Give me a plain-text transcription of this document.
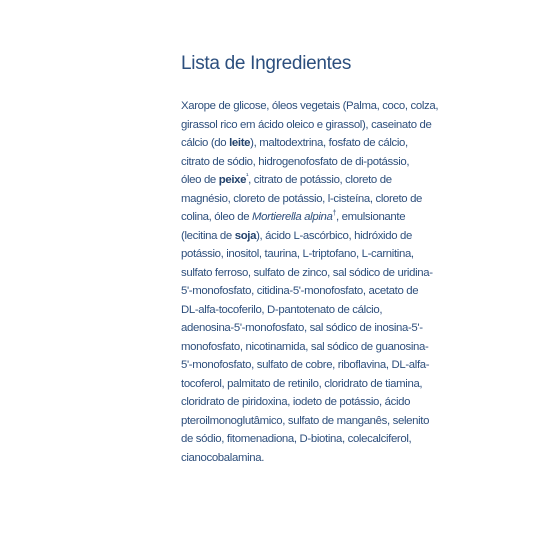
Lista de Ingredientes
Xarope de glicose, óleos vegetais (Palma, coco, colza,
girassol rico em ácido oleico e girassol), caseinato de
cálcio (do leite), maltodextrina, fosfato de cálcio,
citrato de sódio, hidrogenofosfato de di-potássio,
óleo de peixe$^{^1}$, citrato de potássio, cloreto de
magnésio, cloreto de potássio, l-cisteína, cloreto de
colina, óleo de Mortierella alpina†, emulsionante
(lecitina de soja), ácido L-ascórbico, hidróxido de
potássio, inositol, taurina, L-triptofano, L-carnitina,
sulfato ferroso, sulfato de zinco, sal sódico de uridina-
5'-monofosfato, citidina-5'-monofosfato, acetato de
DL-alfa-tocoferilo, D-pantotenato de cálcio,
adenosina-5'-monofosfato, sal sódico de inosina-5'-
monofosfato, nicotinamida, sal sódico de guanosina-
5'-monofosfato, sulfato de cobre, riboflavina, DL-alfa-
tocoferol, palmitato de retinilo, cloridrato de tiamina,
cloridrato de piridoxina, iodeto de potássio, ácido
pteroilmonoglutâmico, sulfato de manganês, selenito
de sódio, fitomenadiona, D-biotina, colecalciferol,
cianocobalamina.
